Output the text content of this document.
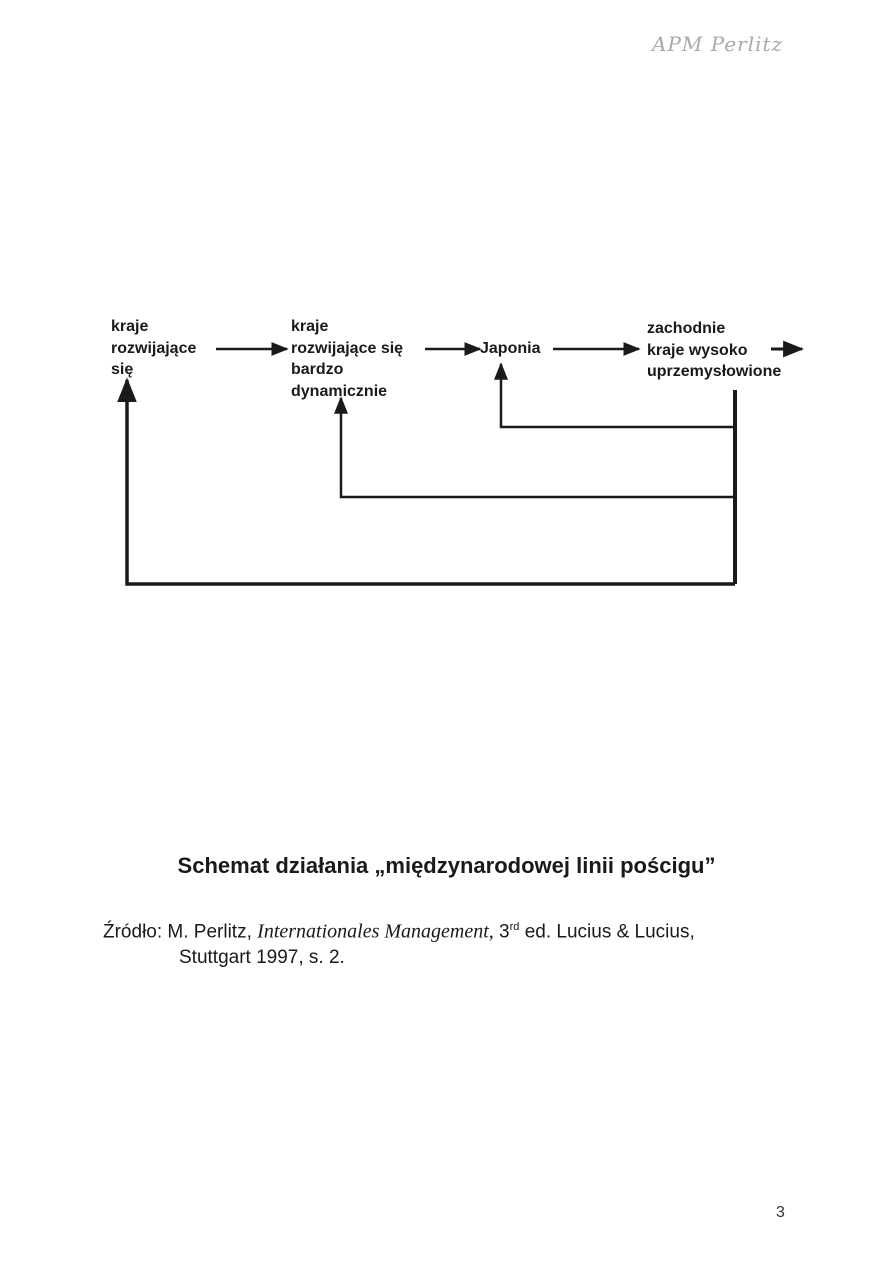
APM Perlitz
kraje
rozwijające
się
kraje
rozwijające się
bardzo
dynamicznie
Japonia
zachodnie
kraje wysoko
uprzemysłowione
Schemat działania „międzynarodowej linii pościgu”
Źródło: M. Perlitz, Internationales Management, 3rd ed. Lucius & Lucius,
Stuttgart 1997, s. 2.
3
